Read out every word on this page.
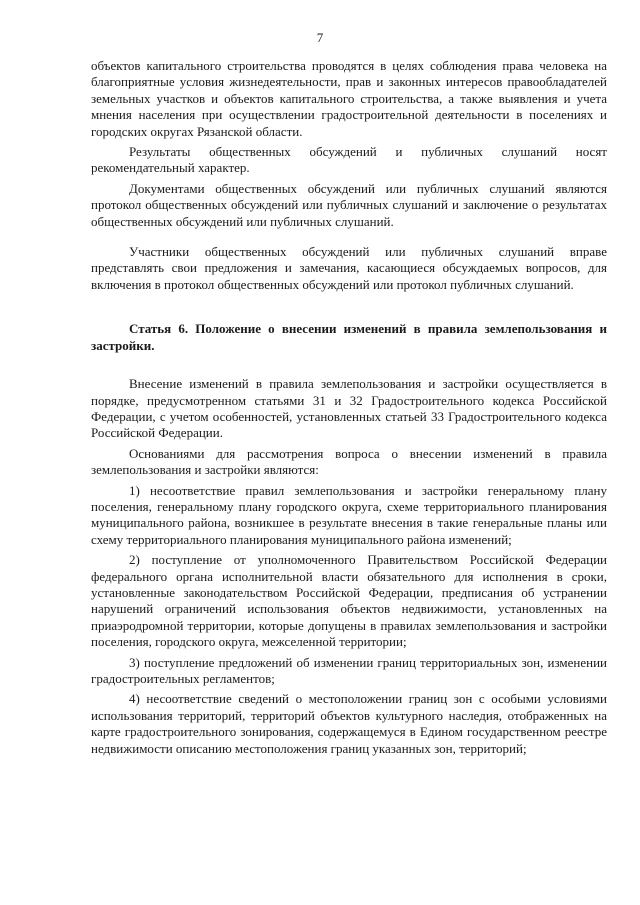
7

объектов капитального строительства проводятся в целях соблюдения права человека на благоприятные условия жизнедеятельности, прав и законных интересов правообладателей земельных участков и объектов капитального строительства, а также выявления и учета мнения населения при осуществлении градостроительной деятельности в поселениях и городских округах Рязанской области.

Результаты общественных обсуждений и публичных слушаний носят рекомендательный характер.

Документами общественных обсуждений или публичных слушаний являются протокол общественных обсуждений или публичных слушаний и заключение о результатах общественных обсуждений или публичных слушаний.

Участники общественных обсуждений или публичных слушаний вправе представлять свои предложения и замечания, касающиеся обсуждаемых вопросов, для включения в протокол общественных обсуждений или протокол публичных слушаний.

Статья 6. Положение о внесении изменений в правила землепользования и застройки.

Внесение изменений в правила землепользования и застройки осуществляется в порядке, предусмотренном статьями 31 и 32 Градостроительного кодекса Российской Федерации, с учетом особенностей, установленных статьей 33 Градостроительного кодекса Российской Федерации.

Основаниями для рассмотрения вопроса о внесении изменений в правила землепользования и застройки являются:

1) несоответствие правил землепользования и застройки генеральному плану поселения, генеральному плану городского округа, схеме территориального планирования муниципального района, возникшее в результате внесения в такие генеральные планы или схему территориального планирования муниципального района изменений;

2) поступление от уполномоченного Правительством Российской Федерации федерального органа исполнительной власти обязательного для исполнения в сроки, установленные законодательством Российской Федерации, предписания об устранении нарушений ограничений использования объектов недвижимости, установленных на приаэродромной территории, которые допущены в правилах землепользования и застройки поселения, городского округа, межселенной территории;

3) поступление предложений об изменении границ территориальных зон, изменении градостроительных регламентов;

4) несоответствие сведений о местоположении границ зон с особыми условиями использования территорий, территорий объектов культурного наследия, отображенных на карте градостроительного зонирования, содержащемуся в Едином государственном реестре недвижимости описанию местоположения границ указанных зон, территорий;
